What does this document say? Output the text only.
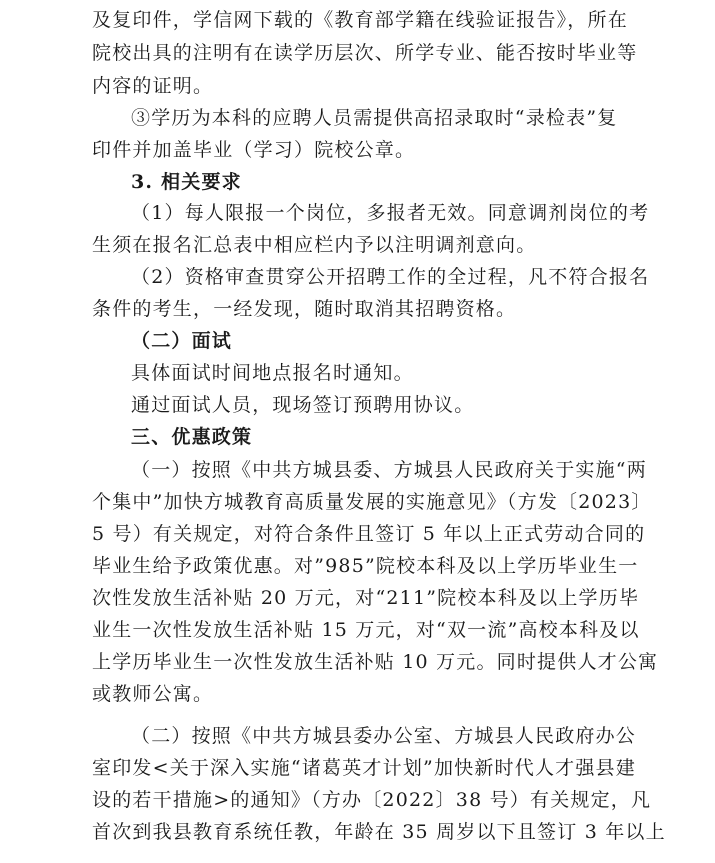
及复印件，学信网下载的《教育部学籍在线验证报告》，所在
院校出具的注明有在读学历层次、所学专业、能否按时毕业等
内容的证明。
③学历为本科的应聘人员需提供高招录取时“录检表”复
印件并加盖毕业（学习）院校公章。
3. 相关要求
（1）每人限报一个岗位，多报者无效。同意调剂岗位的考
生须在报名汇总表中相应栏内予以注明调剂意向。
（2）资格审查贯穿公开招聘工作的全过程，凡不符合报名
条件的考生，一经发现，随时取消其招聘资格。
（二）面试
具体面试时间地点报名时通知。
通过面试人员，现场签订预聘用协议。
三、优惠政策
（一）按照《中共方城县委、方城县人民政府关于实施“两
个集中”加快方城教育高质量发展的实施意见》（方发〔2023〕
5 号）有关规定，对符合条件且签订 5 年以上正式劳动合同的
毕业生给予政策优惠。对”985”院校本科及以上学历毕业生一
次性发放生活补贴 20 万元，对“211”院校本科及以上学历毕
业生一次性发放生活补贴 15 万元，对“双一流”高校本科及以
上学历毕业生一次性发放生活补贴 10 万元。同时提供人才公寓
或教师公寓。
（二）按照《中共方城县委办公室、方城县人民政府办公
室印发<关于深入实施“诸葛英才计划”加快新时代人才强县建
设的若干措施>的通知》（方办〔2022〕38 号）有关规定，凡
首次到我县教育系统任教，年龄在 35 周岁以下且签订 3 年以上
